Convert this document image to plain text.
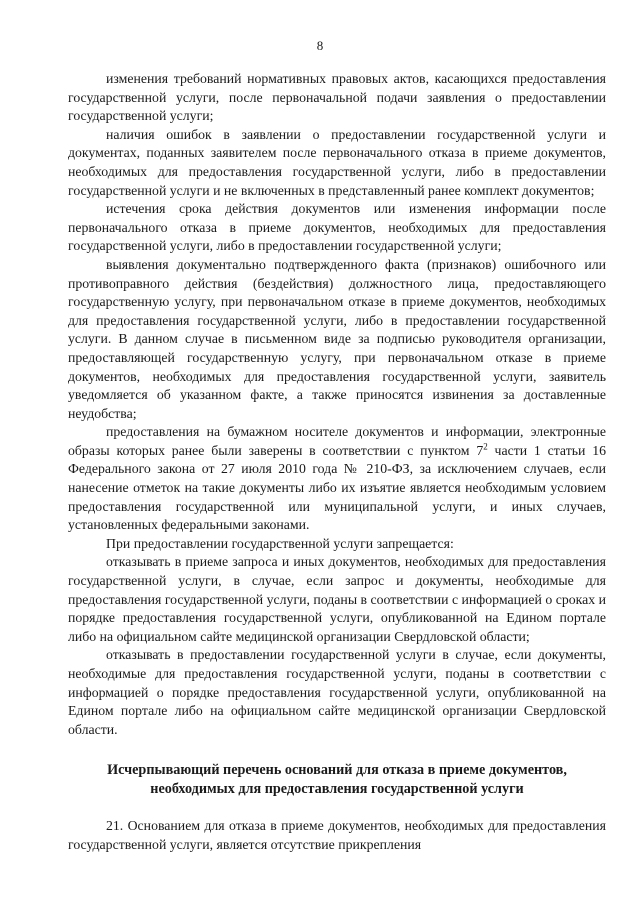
8

изменения требований нормативных правовых актов, касающихся предоставления государственной услуги, после первоначальной подачи заявления о предоставлении государственной услуги;

наличия ошибок в заявлении о предоставлении государственной услуги и документах, поданных заявителем после первоначального отказа в приеме документов, необходимых для предоставления государственной услуги, либо в предоставлении государственной услуги и не включенных в представленный ранее комплект документов;

истечения срока действия документов или изменения информации после первоначального отказа в приеме документов, необходимых для предоставления государственной услуги, либо в предоставлении государственной услуги;

выявления документально подтвержденного факта (признаков) ошибочного или противоправного действия (бездействия) должностного лица, предоставляющего государственную услугу, при первоначальном отказе в приеме документов, необходимых для предоставления государственной услуги, либо в предоставлении государственной услуги. В данном случае в письменном виде за подписью руководителя организации, предоставляющей государственную услугу, при первоначальном отказе в приеме документов, необходимых для предоставления государственной услуги, заявитель уведомляется об указанном факте, а также приносятся извинения за доставленные неудобства;

предоставления на бумажном носителе документов и информации, электронные образы которых ранее были заверены в соответствии с пунктом $7^2$ части 1 статьи 16 Федерального закона от 27 июля 2010 года № 210-ФЗ, за исключением случаев, если нанесение отметок на такие документы либо их изъятие является необходимым условием предоставления государственной или муниципальной услуги, и иных случаев, установленных федеральными законами.

При предоставлении государственной услуги запрещается:

отказывать в приеме запроса и иных документов, необходимых для предоставления государственной услуги, в случае, если запрос и документы, необходимые для предоставления государственной услуги, поданы в соответствии с информацией о сроках и порядке предоставления государственной услуги, опубликованной на Едином портале либо на официальном сайте медицинской организации Свердловской области;

отказывать в предоставлении государственной услуги в случае, если документы, необходимые для предоставления государственной услуги, поданы в соответствии с информацией о порядке предоставления государственной услуги, опубликованной на Едином портале либо на официальном сайте медицинской организации Свердловской области.

Исчерпывающий перечень оснований для отказа в приеме документов,
необходимых для предоставления государственной услуги

21. Основанием для отказа в приеме документов, необходимых для предоставления государственной услуги, является отсутствие прикрепления
